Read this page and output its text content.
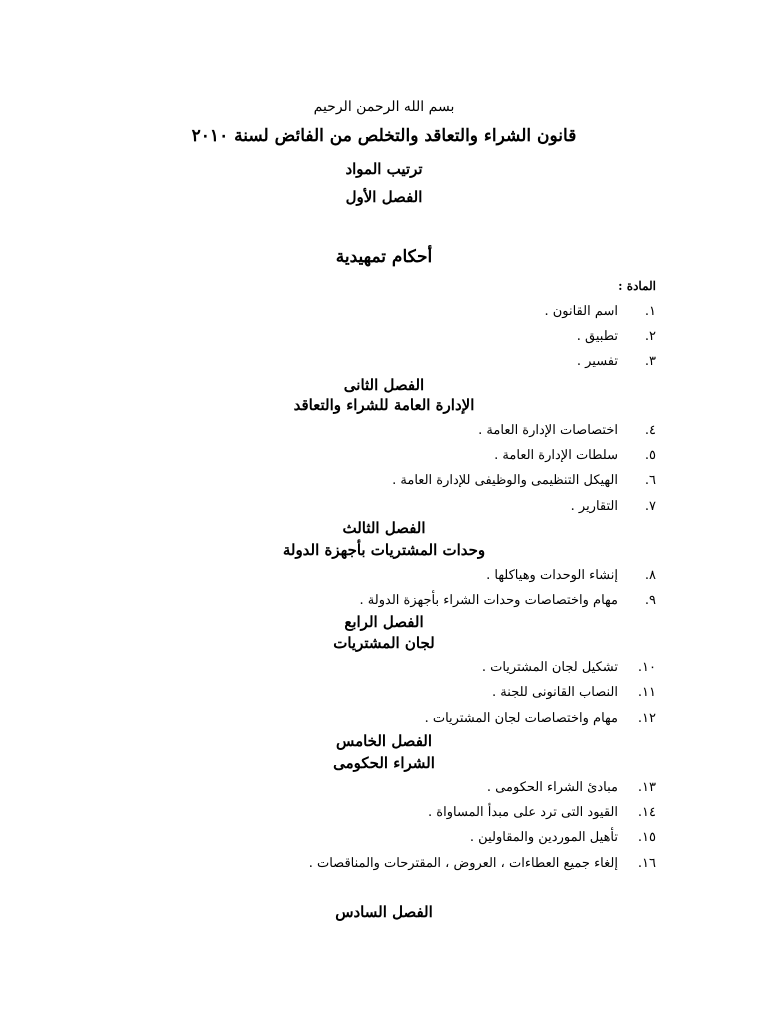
بسم الله الرحمن الرحيم
قانون الشراء والتعاقد والتخلص من الفائض لسنة ٢٠١٠
ترتيب المواد
الفصل الأول
أحكام تمهيدية
المادة :
١.
اسم القانون .
٢.
تطبيق .
٣.
تفسير .
الفصل الثانى
الإدارة العامة للشراء والتعاقد
٤.
اختصاصات الإدارة العامة .
٥.
سلطات الإدارة العامة .
٦.
الهيكل التنظيمى والوظيفى للإدارة العامة .
٧.
التقارير .
الفصل الثالث
وحدات المشتريات بأجهزة الدولة
٨.
إنشاء الوحدات وهياكلها .
٩.
مهام واختصاصات وحدات الشراء بأجهزة الدولة .
الفصل الرابع
لجان المشتريات
١٠.
تشكيل لجان المشتريات .
١١.
النصاب القانونى للجنة .
١٢.
مهام واختصاصات لجان المشتريات .
الفصل الخامس
الشراء الحكومى
١٣.
مبادئ الشراء الحكومى .
١٤.
القيود التى ترد على مبدأ المساواة .
١٥.
تأهيل الموردين والمقاولين .
١٦.
إلغاء جميع العطاءات ، العروض ، المقترحات والمناقصات .
الفصل السادس
